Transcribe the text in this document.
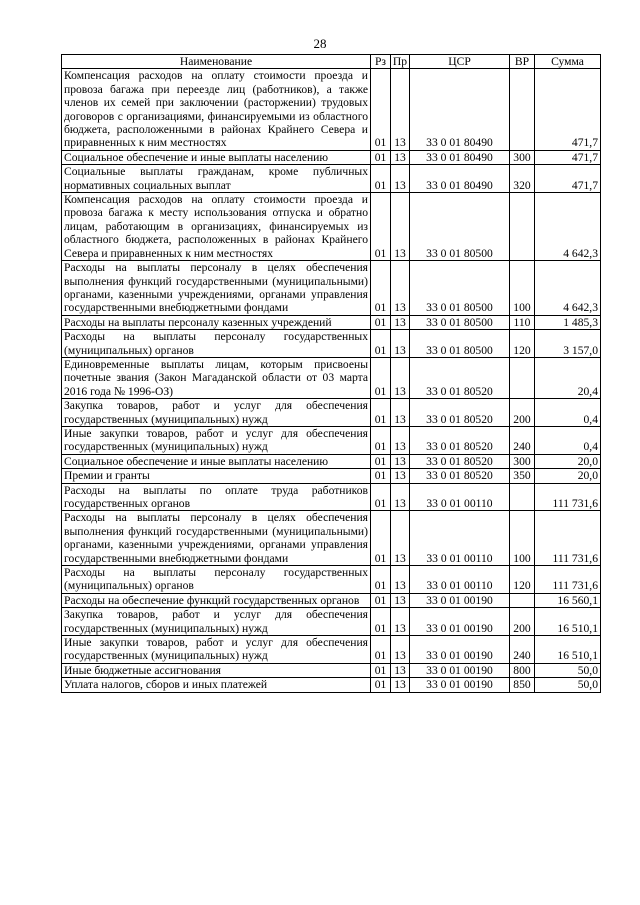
28
Наименование	Рз	Пр	ЦСР	ВР	Сумма
Компенсация расходов на оплату стоимости проезда и провоза багажа при переезде лиц (работников), а также членов их семей при заключении (расторжении) трудовых договоров с организациями, финансируемыми из областного бюджета, расположенными в районах Крайнего Севера и приравненных к ним местностях	01	13	33 0 01 80490		471,7
Социальное обеспечение и иные выплаты населению	01	13	33 0 01 80490	300	471,7
Социальные выплаты гражданам, кроме публичных нормативных социальных выплат	01	13	33 0 01 80490	320	471,7
Компенсация расходов на оплату стоимости проезда и провоза багажа к месту использования отпуска и обратно лицам, работающим в организациях, финансируемых из областного бюджета, расположенных в районах Крайнего Севера и приравненных к ним местностях	01	13	33 0 01 80500		4 642,3
Расходы на выплаты персоналу в целях обеспечения выполнения функций государственными (муниципальными) органами, казенными учреждениями, органами управления государственными внебюджетными фондами	01	13	33 0 01 80500	100	4 642,3
Расходы на выплаты персоналу казенных учреждений	01	13	33 0 01 80500	110	1 485,3
Расходы на выплаты персоналу государственных (муниципальных) органов	01	13	33 0 01 80500	120	3 157,0
Единовременные выплаты лицам, которым присвоены почетные звания (Закон Магаданской области от 03 марта 2016 года № 1996-ОЗ)	01	13	33 0 01 80520		20,4
Закупка товаров, работ и услуг для обеспечения государственных (муниципальных) нужд	01	13	33 0 01 80520	200	0,4
Иные закупки товаров, работ и услуг для обеспечения государственных (муниципальных) нужд	01	13	33 0 01 80520	240	0,4
Социальное обеспечение и иные выплаты населению	01	13	33 0 01 80520	300	20,0
Премии и гранты	01	13	33 0 01 80520	350	20,0
Расходы на выплаты по оплате труда работников государственных органов	01	13	33 0 01 00110		111 731,6
Расходы на выплаты персоналу в целях обеспечения выполнения функций государственными (муниципальными) органами, казенными учреждениями, органами управления государственными внебюджетными фондами	01	13	33 0 01 00110	100	111 731,6
Расходы на выплаты персоналу государственных (муниципальных) органов	01	13	33 0 01 00110	120	111 731,6
Расходы на обеспечение функций государственных органов	01	13	33 0 01 00190		16 560,1
Закупка товаров, работ и услуг для обеспечения государственных (муниципальных) нужд	01	13	33 0 01 00190	200	16 510,1
Иные закупки товаров, работ и услуг для обеспечения государственных (муниципальных) нужд	01	13	33 0 01 00190	240	16 510,1
Иные бюджетные ассигнования	01	13	33 0 01 00190	800	50,0
Уплата налогов, сборов и иных платежей	01	13	33 0 01 00190	850	50,0
